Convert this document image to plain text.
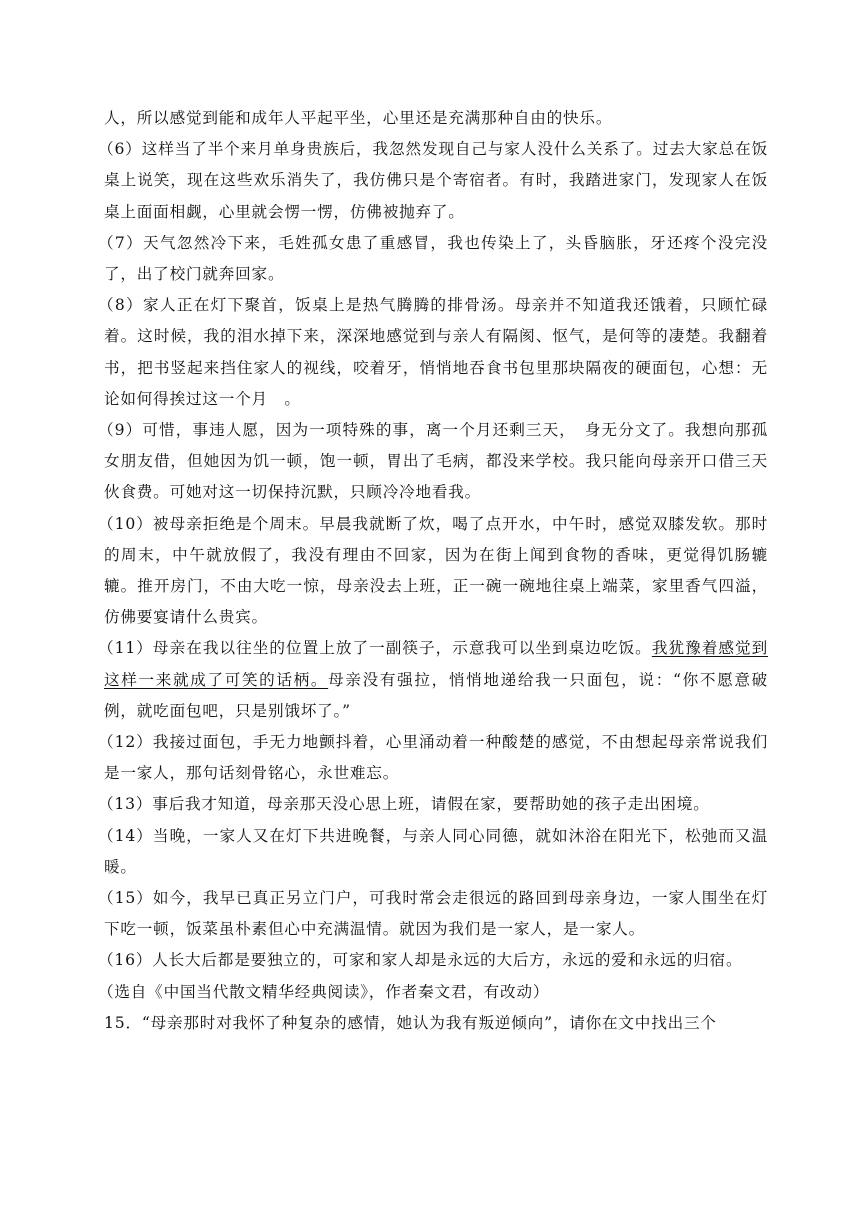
人，所以感觉到能和成年人平起平坐，心里还是充满那种自由的快乐。

（6）这样当了半个来月单身贵族后，我忽然发现自己与家人没什么关系了。过去大家总在饭桌上说笑，现在这些欢乐消失了，我仿佛只是个寄宿者。有时，我踏进家门，发现家人在饭桌上面面相觑，心里就会愣一愣，仿佛被抛弃了。

（7）天气忽然冷下来，毛姓孤女患了重感冒，我也传染上了，头昏脑胀，牙还疼个没完没了，出了校门就奔回家。

（8）家人正在灯下聚首，饭桌上是热气腾腾的排骨汤。母亲并不知道我还饿着，只顾忙碌着。这时候，我的泪水掉下来，深深地感觉到与亲人有隔阂、怄气，是何等的凄楚。我翻着书，把书竖起来挡住家人的视线，咬着牙，悄悄地吞食书包里那块隔夜的硬面包，心想：无论如何得挨过这一个月　。

（9）可惜，事违人愿，因为一项特殊的事，离一个月还剩三天，　身无分文了。我想向那孤女朋友借，但她因为饥一顿，饱一顿，胃出了毛病，都没来学校。我只能向母亲开口借三天伙食费。可她对这一切保持沉默，只顾冷冷地看我。

（10）被母亲拒绝是个周末。早晨我就断了炊，喝了点开水，中午时，感觉双膝发软。那时的周末，中午就放假了，我没有理由不回家，因为在街上闻到食物的香味，更觉得饥肠辘辘。推开房门，不由大吃一惊，母亲没去上班，正一碗一碗地往桌上端菜，家里香气四溢，仿佛要宴请什么贵宾。

（11）母亲在我以往坐的位置上放了一副筷子，示意我可以坐到桌边吃饭。我犹豫着感觉到这样一来就成了可笑的话柄。母亲没有强拉，悄悄地递给我一只面包，说：“你不愿意破例，就吃面包吧，只是别饿坏了。”

（12）我接过面包，手无力地颤抖着，心里涌动着一种酸楚的感觉，不由想起母亲常说我们是一家人，那句话刻骨铭心，永世难忘。

（13）事后我才知道，母亲那天没心思上班，请假在家，要帮助她的孩子走出困境。

（14）当晚，一家人又在灯下共进晚餐，与亲人同心同德，就如沐浴在阳光下，松弛而又温暖。

（15）如今，我早已真正另立门户，可我时常会走很远的路回到母亲身边，一家人围坐在灯下吃一顿，饭菜虽朴素但心中充满温情。就因为我们是一家人，是一家人。

（16）人长大后都是要独立的，可家和家人却是永远的大后方，永远的爱和永远的归宿。

（选自《中国当代散文精华经典阅读》，作者秦文君，有改动）

15．“母亲那时对我怀了种复杂的感情，她认为我有叛逆倾向”，请你在文中找出三个
